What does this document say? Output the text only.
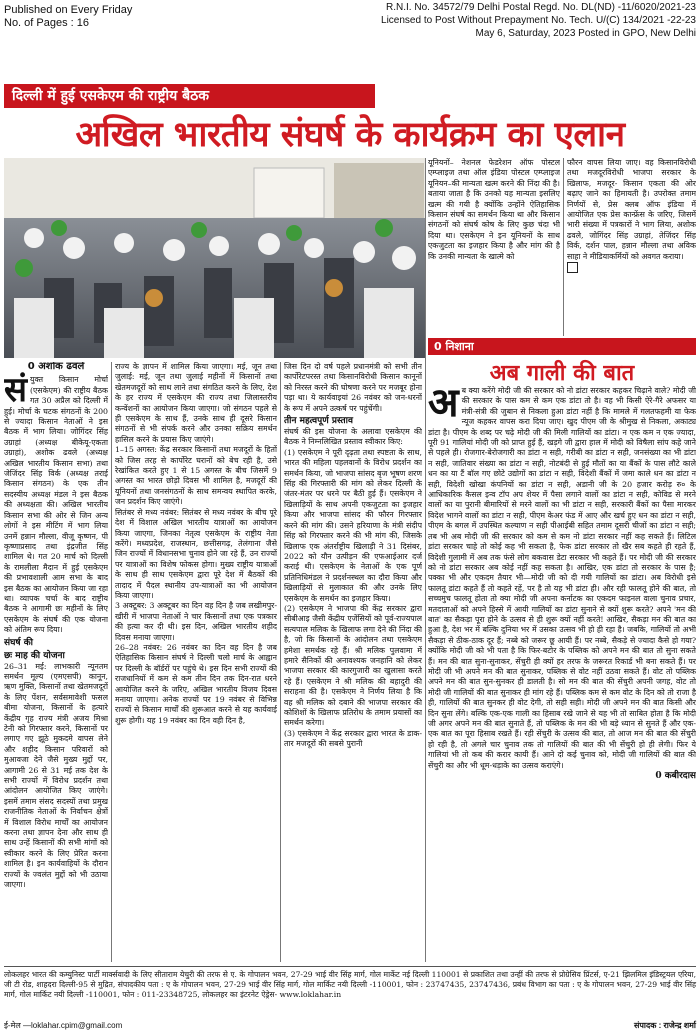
Published on Every Friday
No. of Pages : 16
R.N.I. No. 34572/79 Delhi Postal Regd. No. DL(ND) -11/6020/2021-23
Licensed to Post Without Prepayment No. Tech. U/(C) 134/2021 -22-23
May 6, Saturday, 2023 Posted in GPO, New Delhi
दिल्ली में हुई एसकेएम की राष्ट्रीय बैठक
अखिल भारतीय संघर्ष के कार्यक्रम का एलान
0 अशोक ढवले
सं युक्त किसान मोर्चा (एसकेएम) की राष्ट्रीय बैठक गत 30 अप्रैल को दिल्ली में हुई। मोर्चा के घटक संगठनों के 200 से ज्यादा किसान नेताओं ने इस बैठक में भाग लिया। जोगिंदर सिंह उग्राहां (अध्यक्ष बीकेयू-एकता उग्राहां), अशोक ढवले (अध्यक्ष अखिल भारतीय किसान सभा) तथा जेजिंदर सिंह विर्क (अध्यक्ष तराई किसान संगठन) के एक तीन सदस्यीय अध्यक्ष मंडल ने इस बैठक की अध्यक्षता की। अखिल भारतीय किसान सभा की ओर से जिन अन्य लोगों ने इस मीटिंग में भाग लिया उनमें हन्नान मौल्ला, वीजू कृष्णन, पी कृष्णाप्रसाद तथा इंद्रजीत सिंह शामिल थे। गत 20 मार्च को दिल्ली के रामलीला मैदान में हुई एसकेएम की प्रभावशाली आम सभा के बाद इस बैठक का आयोजन किया जा रहा था। व्यापक चर्चा के बाद राष्ट्रीय बैठक ने आगामी छः महीनों के लिए एसकेएम के संघर्ष की एक योजना को अंतिम रूप दिया।

संघर्ष की
छः माह की योजना

26–31 मई: लाभकारी न्यूनतम समर्थन मूल्य (एमएसपी) कानून, ऋण मुक्ति, किसानों तथा खेतमजदूरों के लिए पेंशन, सर्वसमावेशी फसल बीमा योजना, किसानों के हत्यारे केंद्रीय गृह राज्य मंत्री अजय मिश्रा टेनी को गिरफ्तार करने, किसानों पर लगाए गए झूठे मुकदमे वापस लेने और शहीद किसान परिवारों को मुआवजा देने जैसे मुख्य मुद्दों पर, आगामी 26 से 31 मई तक देश के सभी राज्यों में विरोध प्रदर्शन तथा आंदोलन आयोजित किए जाएंगे। इसमें तमाम संसद सदस्यों तथा प्रमुख राजनीतिक नेताओं के निर्वाचन क्षेत्रों में विशाल विरोध मार्चों का आयोजन करना तथा ज्ञापन देना और साथ ही साथ उन्हें किसानों की सभी मांगों को स्वीकार करने के लिए प्रेरित करना शामिल है। इन कार्यवाहियों के दौरान राज्यों के ज्वलंत मुद्दों को भी उठाया जाएगा।

राज्य के ज्ञापन में शामिल किया जाएगा। मई, जून तथा जुलाई: मई, जून तथा जुलाई महीनों में किसानों तथा खेतमजदूरों को साथ लाने तथा संगठित करने के लिए, देश के हर राज्य में एसकेएम की राज्य तथा जिलास्तरीय कन्वेंशनों का आयोजन किया जाएगा। जो संगठन पहले से ही एसकेएम के साथ हैं, उनके साथ ही दूसरे किसान संगठनों से भी संपर्क करने और उनका सक्रिय समर्थन हासिल करने के प्रयास किए जाएंगे।

1–15 अगस्त: केंद्र सरकार किसानों तथा मजदूरों के हितों को जिस तरह से कार्पोरेट घरानों को बेच रही है, उसे रेखांकित करते हुए 1 से 15 अगस्त के बीच जिसमें 9 अगस्त का भारत छोड़ो दिवस भी शामिल है, मजदूरों की यूनियनों तथा जनसंगठनों के साथ समन्वय स्थापित करके, जन प्रदर्शन किए जाएंगे।

सितंबर से मध्य नवंबर: सितंबर से मध्य नवंबर के बीच पूरे देश में विशाल अखिल भारतीय यात्राओं का आयोजन किया जाएगा, जिनका नेतृत्व एसकेएम के राष्ट्रीय नेता करेंगे। मध्यप्रदेश, राजस्थान, छत्तीसगढ़, तेलंगाना जैसे जिन राज्यों में विधानसभा चुनाव होने जा रहे हैं, उन राज्यों पर यात्राओं का विशेष फोकस होगा। मुख्य राष्ट्रीय यात्राओं के साथ ही साथ एसकेएम द्वारा पूरे देश में बैठकों की तादाद में पैदल स्थानीय उप-यात्राओं का भी आयोजन किया जाएगा।

3 अक्टूबर: 3 अक्टूबर का दिन वह दिन है जब लखीमपुर-खीरी में भाजपा नेताओं ने चार किसानों तथा एक पत्रकार की हत्या कर दी थी। इस दिन, अखिल भारतीय शहीद दिवस मनाया जाएगा।

26–28 नवंबर: 26 नवंबर का दिन वह दिन है जब ऐतिहासिक किसान संघर्ष ने दिल्ली चलो मार्च के आह्वान पर दिल्ली के बॉर्डरों पर पहुंचे थे। इस दिन सभी राज्यों की राजधानियों में कम से कम तीन दिन तक दिन-रात धरने आयोजित करने के जरिए, अखिल भारतीय विजय दिवस मनाया जाएगा। अनेक राज्यों पर 19 नवंबर से विभिन्न राज्यों से किसान मार्चों की शुरूआत करने से यह कार्यवाई शुरू होगी। यह 19 नवंबर का दिन वही दिन है,

जिस दिन दो वर्ष पहले प्रधानमंत्री को सभी तीन कार्पोरेटपरस्त तथा किसानविरोधी किसान कानूनों को निरस्त करने की घोषणा करने पर मजबूर होना पड़ा था। ये कार्यवाइयां 26 नवंबर को जन-धरनों के रूप में अपने उत्कर्ष पर पहुंचेंगी।

तीन महत्वपूर्ण प्रस्ताव

संघर्ष की इस योजना के अलावा एसकेएम की बैठक ने निम्नलिखित प्रस्ताव स्वीकार किए:

(1) एसकेएम ने पूरी दृढ़ता तथा स्पष्टता के साथ, भारत की महिला पहलवानों के विरोध प्रदर्शन का समर्थन किया, जो भाजपा सांसद बृज भूषण शरण सिंह की गिरफ्तारी की मांग को लेकर दिल्ली के जंतर-मंतर पर धरने पर बैठी हुई हैं। एसकेएम ने खिलाड़ियों के साथ अपनी एकजुटता का इजहार किया और भाजपा सांसद की फौरन गिरफ्तार करने की मांग की। उसने हरियाणा के मंत्री संदीप सिंह को गिरफ्तार करने की भी मांग की, जिसके खिलाफ एक अंतर्राष्ट्रीय खिलाड़ी ने 31 दिसंबर, 2022 को यौन उत्पीड़न की एफआईआर दर्ज कराई थी। एसकेएम के नेताओं के एक पूर्ण प्रतिनिधिमंडल ने प्रदर्शनस्थल का दौरा किया और खिलाड़ियों से मुलाकात की और उनके लिए एसकेएम के समर्थन का इजहार किया।

(2) एसकेएम ने भाजपा की केंद्र सरकार द्वारा सीबीआइ जैसी केंद्रीय एजेंसियों को पूर्व-राज्यपाल सत्यपाल मलिक के खिलाफ लगा देने की निंदा की है, जो कि किसानों के आंदोलन तथा एसकेएम हमेशा समर्थक रहे हैं। श्री मलिक पुलवामा में हमारे सैनिकों की अनावश्यक जनहानि को लेकर भाजपा सरकार की कारगुजारी का खुलासा करते रहे हैं। एसकेएम ने श्री मलिक की बहादुरी की सराहना की है। एसकेएम ने निर्णय लिया है कि वह श्री मलिक को दबाने की भाजपा सरकार की कोशिशों के खिलाफ प्रतिरोध के तमाम प्रयासों का समर्थन करेगा।

(3) एसकेएम ने केंद्र सरकार द्वारा भारत के डाक-तार मजदूरों की सबसे पुरानी

यूनियनों– नेशनल फेडरेशन ऑफ पोस्टल एम्प्लाइज तथा ऑल इंडिया पोस्टल एम्प्लाइज यूनियन–की मान्यता खत्म करने की निंदा की है। बताया जाता है कि उनको यह मान्यता इसलिए खत्म की गयी है क्योंकि उन्होंने ऐतिहासिक किसान संघर्ष का समर्थन किया था और किसान संगठनों को संघर्ष कोष के लिए कुछ चंदा भी दिया था। एसकेएम ने इन यूनियनों के साथ एकजुटता का इजहार किया है और मांग की है कि उनकी मान्यता के खात्मे को

फौरन वापस लिया जाए। वह किसानविरोधी तथा मजदूरविरोधी भाजपा सरकार के खिलाफ, मजदूर- किसान एकता की ओर बढ़ाए जाने का हिमायती है। उपरोक्त तमाम निर्णयों से, प्रेस क्लब ऑफ इंडिया में आयोजित एक प्रेस कान्फ्रेंस के जरिए, जिसमें भारी संख्या में पत्रकारों ने भाग लिया, अशोक ढवले, जोगिंदर सिंह उग्राहां, तेजिंदर सिंह विर्क, दर्शन पाल, हन्नान मौल्ला तथा अविक साहा ने मीडियाकर्मियों को अवगत कराया।

0 निशाना
अब गाली की बात
अ ब क्या करेंगे मोदी जी की सरकार को नो डांटा सरकार कहकर चिढ़ाने वाले? मोदी जी की सरकार के पास कम से कम एक डांटा तो है। वह भी किसी ऐरे-गैरे अफसर या मंत्री-संत्री की जुबान से निकला हुआ डांटा नहीं है कि मामले में गलतफहमी या फेक न्यूज कहकर वापस करा दिया जाए। खुद पीएम जी के श्रीमुख से निकला, अकाट्य डांटा है। पीएम के शब्द पर चढ़े मोदी जी की मिली गालियों का डांटा। न एक कम न एक ज्यादा, पूरी 91 गालियां मोदी जी को प्राप्त हुई हैं, खड़गे जी द्वारा हाल में मोदी को विषैला सांप कहे जाने से पहले ही। रोजगार-बेरोजगारी का डांटा न सही, गरीबी का डांटा न सही, जनसंख्या का भी डांटा न सही, जातिवार संख्या का डांटा न सही, नोटबंदी से हुई मौतों का या बैंकों के पास लौटे काले धन का या टैं बॉल गए छोटे उद्योगों का डांटा न सही, विदेशी बैंकों में जमा काले धन का डांटा न सही, विदेशी खोखा कंपनियों का डांटा न सही, अडानी जी के 20 हजार करोड़ रु० के आधिकारिक कैसल इन्व टॉप अप शेयर में पैसा लगाने वालों का डांटा न सही, कोविड से मरने वालों का या पुरानी बीमारियों से मरने वालों का भी डांटा न सही, सरकारी बैंकों का पैसा मारकर विदेश भागने वालों का डांटा न सही, पीएम केअर फंड में आए और खर्च हुए धन का डांटा न सही, पीएम के बगल में उपस्थित कल्याण न सही पीआईबी सहित तमाम दूसरी चीजों का डांटा न सही; तब भी अब मोदी जी की सरकार को कम से कम नो डांटा सरकार नहीं कह सकते हैं। लिटिल डांटा सरकार चाहे तो कोई कह भी सकता है, फेक डांटा सरकार तो खैर सब कहते ही रहते हैं, विदेशी गुलामी में अब तक फंसे लोग बकवास डेटा सरकार भी कहते हैं। पर मोदी जी की सरकार को नो डांटा सरकार अब कोई नहीं कह सकता है। आखिर, एक डांटा तो सरकार के पास है; पक्का भी और एकदम तैयार भी—मोदी जी को दी गयी गालियों का डांटा। अब विरोधी इसे फालतू डांटा कहते हैं तो कहते रहें, पर है तो यह भी डांटा ही। और रही फालतू होने की बात, तो सच्चमुच फालतू होता तो क्या मोदी जी अपना कर्नाटक का एकदम फाइनल वाला चुनाव प्रचार, मतदाताओं को अपने हिस्से में आयी गालियों का डांटा सुनाने से क्यों शुरू करते? अपने 'मन की बात' का सैकड़ा पूरा होने के उत्सव से ही शुरू क्यों नहीं करते! आखिर, सैकड़ा मन की बात का हुआ है, देश भर में बल्कि दुनिया भर में उसका उत्सव भी हो ही रहा है। जबकि, गालियों तो अभी सैकड़ा से ठीक-ठाक दूर हैं; नब्बे को जरूर छू आयी हैं। पर नब्बे, सैकड़े से ज्यादा कैसे हो गया? क्योंकि मोदी जी को भी पता है कि फिर-बटोर के पब्लिक को अपने मन की बात तो सुना सकते हैं। मन की बात सुना-सुनाकर, सेंचुरी ही क्यों हर तरफ के जरूरत रिकार्ड भी बना सकते हैं। पर मोदी जी भी अपने मन की बात सुनाकर, पब्लिक से वोट नहीं उठवा सकते हैं। वोट तो पब्लिक अपने मन की बात सुन-सुनकर ही डालती है। सो मन की बात की सेंचुरी अपनी जगह, वोट तो मोदी जी गालियों की बात सुनाकर ही मांग रहे हैं। पब्लिक कम से कम वोट के दिन को तो राजा है ही, गालियों की बात सुनकर ही वोट देगी, तो सही सही। मोदी जी अपने मन की बात किसी और दिन सुना लेंगे। बल्कि एक-एक गाली का हिसाब रखे जाने से यह भी तो साबित होता है कि मोदी जी अगर अपने मन की बात सुनाते हैं, तो पब्लिक के मन की भी बड़े ध्यान से सुनते हैं और एक-एक बात का पूरा हिसाब रखते हैं। रही सेंचुरी के उत्सव की बात, तो आज मन की बात की सेंचुरी हो रही है, तो अगले चार चुनाव तक तो गालियों की बात की भी सेंचुरी हो ही लेगी। फिर ये गालियां भी तो कब की करार कायी हैं। आने दो कई चुनाव को, मोदी जी गालियों की बात की सेंचुरी का और भी धूम-धड़ाके का उत्सव कराएंगे।

0 कबीरदास
लोकलहर भारत की कम्युनिस्ट पार्टी मार्क्सवादी के लिए सीताराम येचुरी की तरफ से ए. के गोपालन भवन, 27-29 भाई वीर सिंह मार्ग, गोल मार्केट नई दिल्ली 110001 से प्रकाशित तथा उन्हीं की तरफ से प्रोग्रेसिव प्रिंटर्स, ए-21 झिलमिल इंडिस्ट्रयल एरिया, जी टी रोड, शाहदरा दिल्ली-95 से मुद्रित, संपादकीय पता : ए के गोपालन भवन, 27-29 भाई वीर सिंह मार्ग, गोल मार्किट नयी दिल्ली -110001, फोन : 23747435, 23747436, प्रबंध विभाग का पता : ए के गोपालन भवन, 27-29 भाई वीर सिंह मार्ग, गोल मार्किट नयी दिल्ली -110001, फोन : 011-23348725, लोकलहर का इंटरनेट ऐड्रेस- www.loklahar.in
ई-मेल —loklahar.cpim@gmail.com	संपादक : राजेन्द्र शर्मा
